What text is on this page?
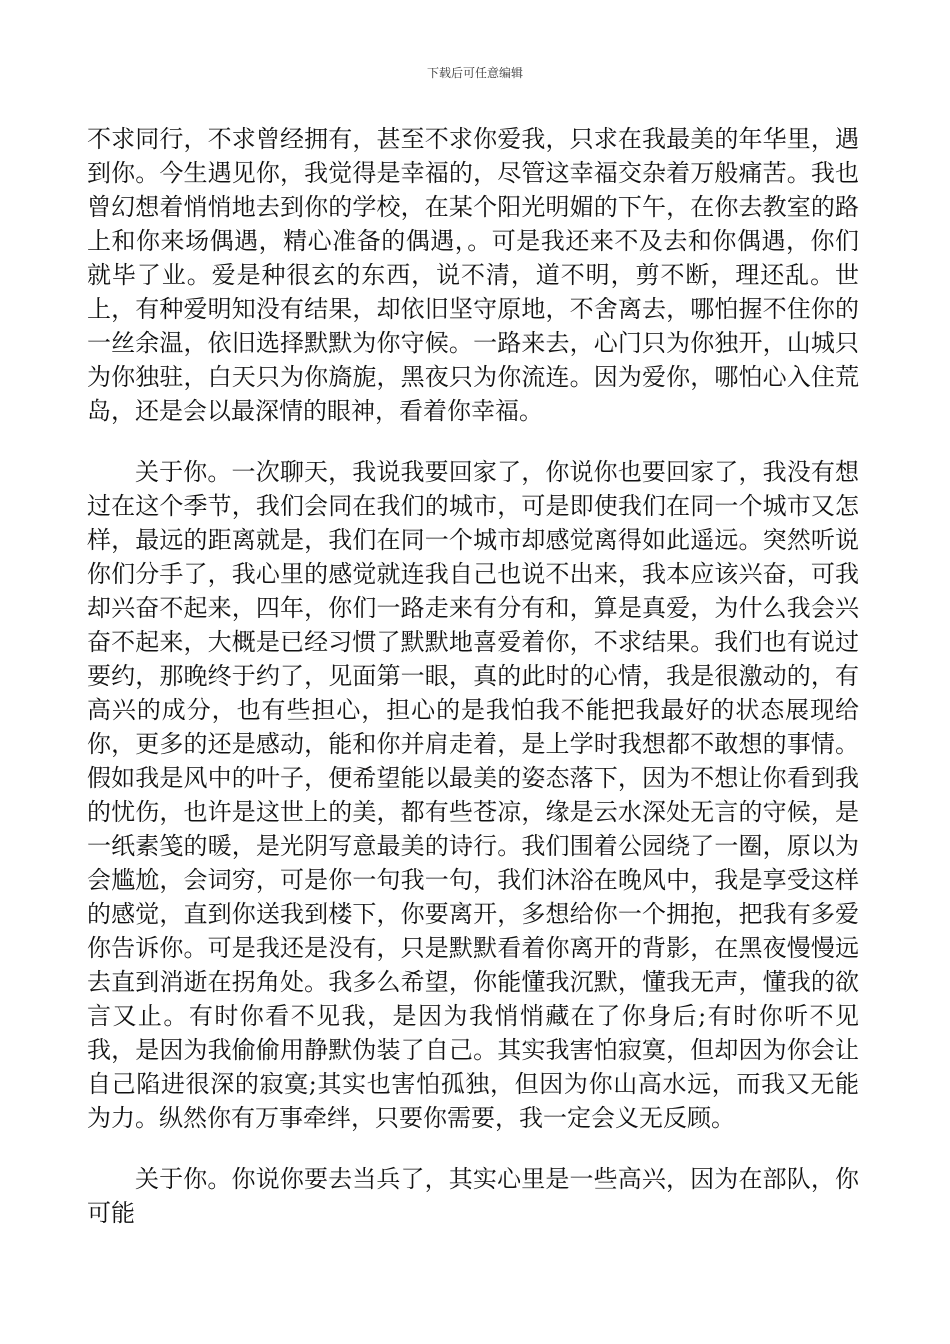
下载后可任意编辑

不求同行，不求曾经拥有，甚至不求你爱我，只求在我最美的年华里，遇到你。今生遇见你，我觉得是幸福的，尽管这幸福交杂着万般痛苦。我也曾幻想着悄悄地去到你的学校，在某个阳光明媚的下午，在你去教室的路上和你来场偶遇，精心准备的偶遇，。可是我还来不及去和你偶遇，你们就毕了业。爱是种很玄的东西，说不清，道不明，剪不断，理还乱。世上，有种爱明知没有结果，却依旧坚守原地，不舍离去，哪怕握不住你的一丝余温，依旧选择默默为你守候。一路来去，心门只为你独开，山城只为你独驻，白天只为你旖旎，黑夜只为你流连。因为爱你，哪怕心入住荒岛，还是会以最深情的眼神，看着你幸福。

关于你。一次聊天，我说我要回家了，你说你也要回家了，我没有想过在这个季节，我们会同在我们的城市，可是即使我们在同一个城市又怎样，最远的距离就是，我们在同一个城市却感觉离得如此遥远。突然听说你们分手了，我心里的感觉就连我自己也说不出来，我本应该兴奋，可我却兴奋不起来，四年，你们一路走来有分有和，算是真爱，为什么我会兴奋不起来，大概是已经习惯了默默地喜爱着你，不求结果。我们也有说过要约，那晚终于约了，见面第一眼，真的此时的心情，我是很激动的，有高兴的成分，也有些担心，担心的是我怕我不能把我最好的状态展现给你，更多的还是感动，能和你并肩走着，是上学时我想都不敢想的事情。假如我是风中的叶子，便希望能以最美的姿态落下，因为不想让你看到我的忧伤，也许是这世上的美，都有些苍凉，缘是云水深处无言的守候，是一纸素笺的暖，是光阴写意最美的诗行。我们围着公园绕了一圈，原以为会尴尬，会词穷，可是你一句我一句，我们沐浴在晚风中，我是享受这样的感觉，直到你送我到楼下，你要离开，多想给你一个拥抱，把我有多爱你告诉你。可是我还是没有，只是默默看着你离开的背影，在黑夜慢慢远去直到消逝在拐角处。我多么希望，你能懂我沉默，懂我无声，懂我的欲言又止。有时你看不见我，是因为我悄悄藏在了你身后;有时你听不见我，是因为我偷偷用静默伪装了自己。其实我害怕寂寞，但却因为你会让自己陷进很深的寂寞;其实也害怕孤独，但因为你山高水远，而我又无能为力。纵然你有万事牵绊，只要你需要，我一定会义无反顾。

关于你。你说你要去当兵了，其实心里是一些高兴，因为在部队，你可能
